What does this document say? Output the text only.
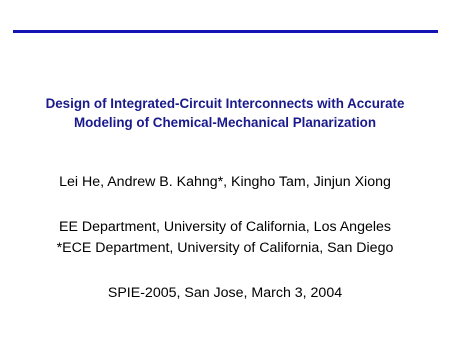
Design of Integrated-Circuit Interconnects with Accurate
Modeling of Chemical-Mechanical Planarization
Lei He, Andrew B. Kahng*, Kingho Tam, Jinjun Xiong
EE Department, University of California, Los Angeles
*ECE Department, University of California, San Diego
SPIE-2005, San Jose, March 3, 2004
